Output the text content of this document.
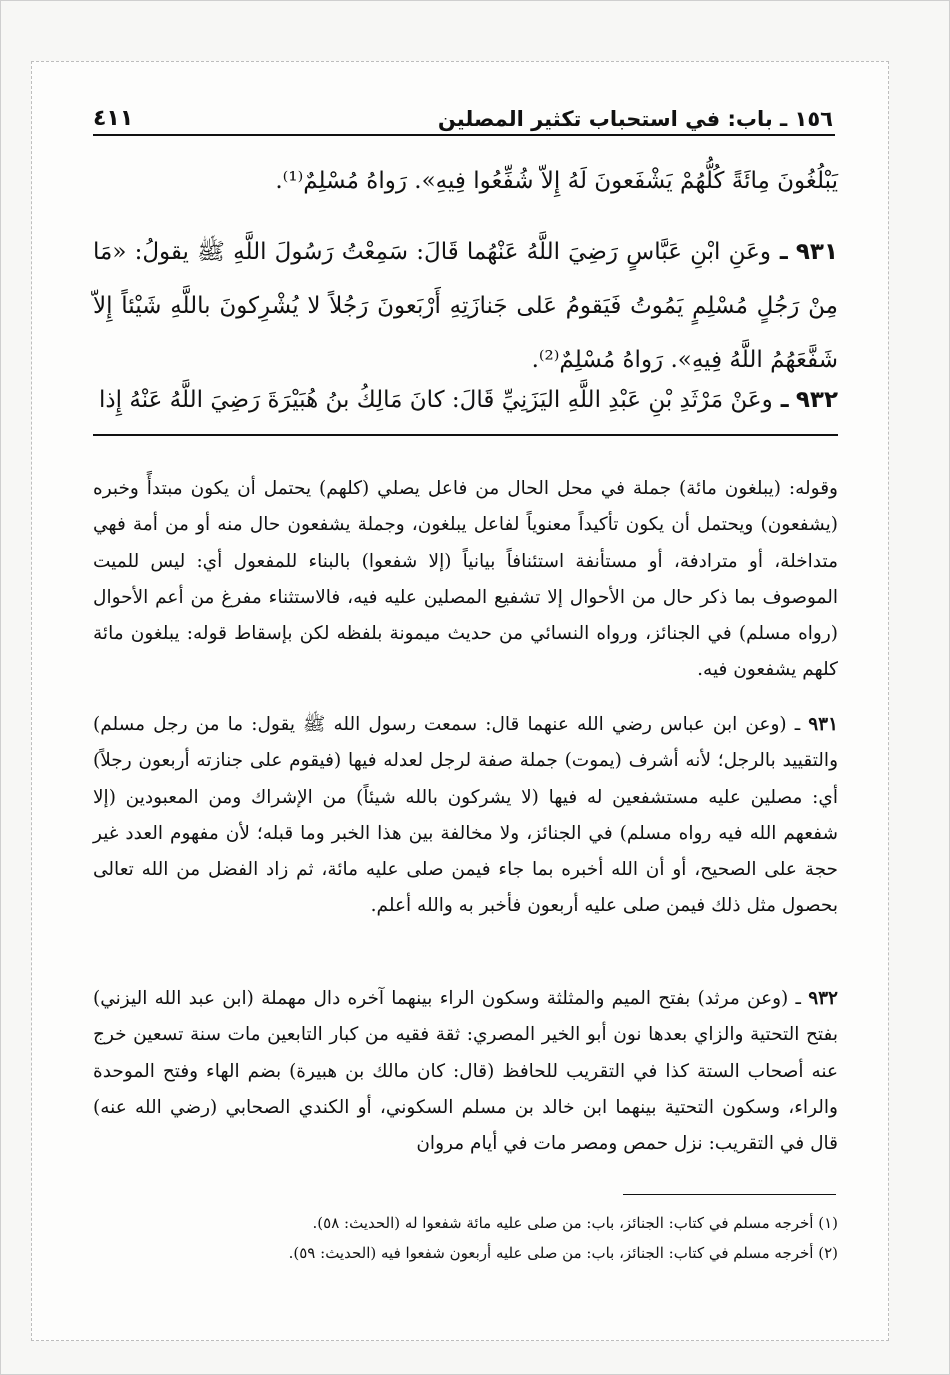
١٥٦ ـ باب: في استحباب تكثير المصلين
٤١١
يَبْلُغُونَ مِائَةً كُلُّهُمْ يَشْفَعونَ لَهُ إِلاّ شُفِّعُوا فِيهِ». رَواهُ مُسْلِمٌ⁽¹⁾.
٩٣١ ـ وعَنِ ابْنِ عَبَّاسٍ رَضِيَ اللَّهُ عَنْهُما قَالَ: سَمِعْتُ رَسُولَ اللَّهِ ﷺ يقولُ: «مَا مِنْ رَجُلٍ مُسْلِمٍ يَمُوتُ فَيَقومُ عَلى جَنازَتِهِ أَرْبَعونَ رَجُلاً لا يُشْرِكونَ باللَّهِ شَيْئاً إِلاّ شَفَّعَهُمُ اللَّهُ فِيهِ». رَواهُ مُسْلِمٌ⁽²⁾.
٩٣٢ ـ وعَنْ مَرْثَدِ بْنِ عَبْدِ اللَّهِ اليَزَنِيِّ قَالَ: كانَ مَالِكُ بنُ هُبَيْرَةَ رَضِيَ اللَّهُ عَنْهُ إِذا
وقوله: (يبلغون مائة) جملة في محل الحال من فاعل يصلي (كلهم) يحتمل أن يكون مبتدأً وخبره (يشفعون) ويحتمل أن يكون تأكيداً معنوياً لفاعل يبلغون، وجملة يشفعون حال منه أو من أمة فهي متداخلة، أو مترادفة، أو مستأنفة استئنافاً بيانياً (إلا شفعوا) بالبناء للمفعول أي: ليس للميت الموصوف بما ذكر حال من الأحوال إلا تشفيع المصلين عليه فيه، فالاستثناء مفرغ من أعم الأحوال (رواه مسلم) في الجنائز، ورواه النسائي من حديث ميمونة بلفظه لكن بإسقاط قوله: يبلغون مائة كلهم يشفعون فيه.
٩٣١ ـ (وعن ابن عباس رضي الله عنهما قال: سمعت رسول الله ﷺ يقول: ما من رجل مسلم) والتقييد بالرجل؛ لأنه أشرف (يموت) جملة صفة لرجل لعدله فيها (فيقوم على جنازته أربعون رجلاً) أي: مصلين عليه مستشفعين له فيها (لا يشركون بالله شيئاً) من الإشراك ومن المعبودين (إلا شفعهم الله فيه رواه مسلم) في الجنائز، ولا مخالفة بين هذا الخبر وما قبله؛ لأن مفهوم العدد غير حجة على الصحيح، أو أن الله أخبره بما جاء فيمن صلى عليه مائة، ثم زاد الفضل من الله تعالى بحصول مثل ذلك فيمن صلى عليه أربعون فأخبر به والله أعلم.
٩٣٢ ـ (وعن مرثد) بفتح الميم والمثلثة وسكون الراء بينهما آخره دال مهملة (ابن عبد الله اليزني) بفتح التحتية والزاي بعدها نون أبو الخير المصري: ثقة فقيه من كبار التابعين مات سنة تسعين خرج عنه أصحاب الستة كذا في التقريب للحافظ (قال: كان مالك بن هبيرة) بضم الهاء وفتح الموحدة والراء، وسكون التحتية بينهما ابن خالد بن مسلم السكوني، أو الكندي الصحابي (رضي الله عنه) قال في التقريب: نزل حمص ومصر مات في أيام مروان
(١) أخرجه مسلم في كتاب: الجنائز، باب: من صلى عليه مائة شفعوا له (الحديث: ٥٨).
(٢) أخرجه مسلم في كتاب: الجنائز، باب: من صلى عليه أربعون شفعوا فيه (الحديث: ٥٩).
